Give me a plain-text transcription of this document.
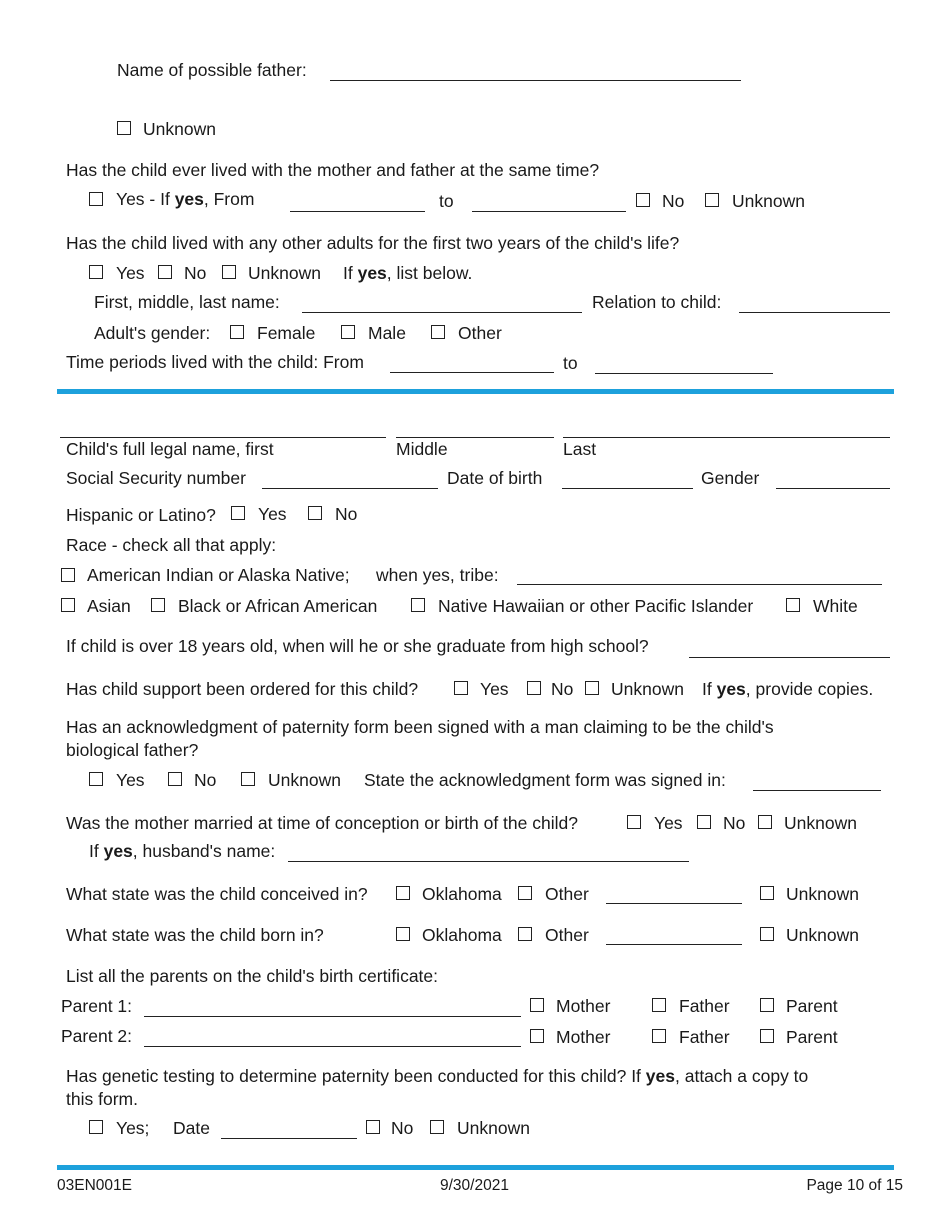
Name of possible father:
Unknown
Has the child ever lived with the mother and father at the same time?
Yes - If yes, From	to	No	Unknown
Has the child lived with any other adults for the first two years of the child's life?
Yes No Unknown If yes, list below.
First, middle, last name:	Relation to child:
Adult's gender:	Female	Male	Other
Time periods lived with the child: From	to
Child's full legal name, first	Middle	Last
Social Security number	Date of birth	Gender
Hispanic or Latino? Yes	No
Race - check all that apply:
American Indian or Alaska Native; when yes, tribe:
Asian	Black or African American	Native Hawaiian or other Pacific Islander	White
If child is over 18 years old, when will he or she graduate from high school?
Has child support been ordered for this child?	Yes No Unknown If yes, provide copies.
Has an acknowledgment of paternity form been signed with a man claiming to be the child's
biological father?
Yes	No	Unknown State the acknowledgment form was signed in:
Was the mother married at time of conception or birth of the child?	Yes No Unknown
If yes, husband's name:
What state was the child conceived in?	Oklahoma Other	Unknown
What state was the child born in?	Oklahoma Other	Unknown
List all the parents on the child's birth certificate:
Parent 1:	Mother	Father	Parent
Parent 2:	Mother	Father	Parent
Has genetic testing to determine paternity been conducted for this child? If yes, attach a copy to
this form.
Yes; Date	No Unknown
03EN001E	9/30/2021	Page 10 of 15
